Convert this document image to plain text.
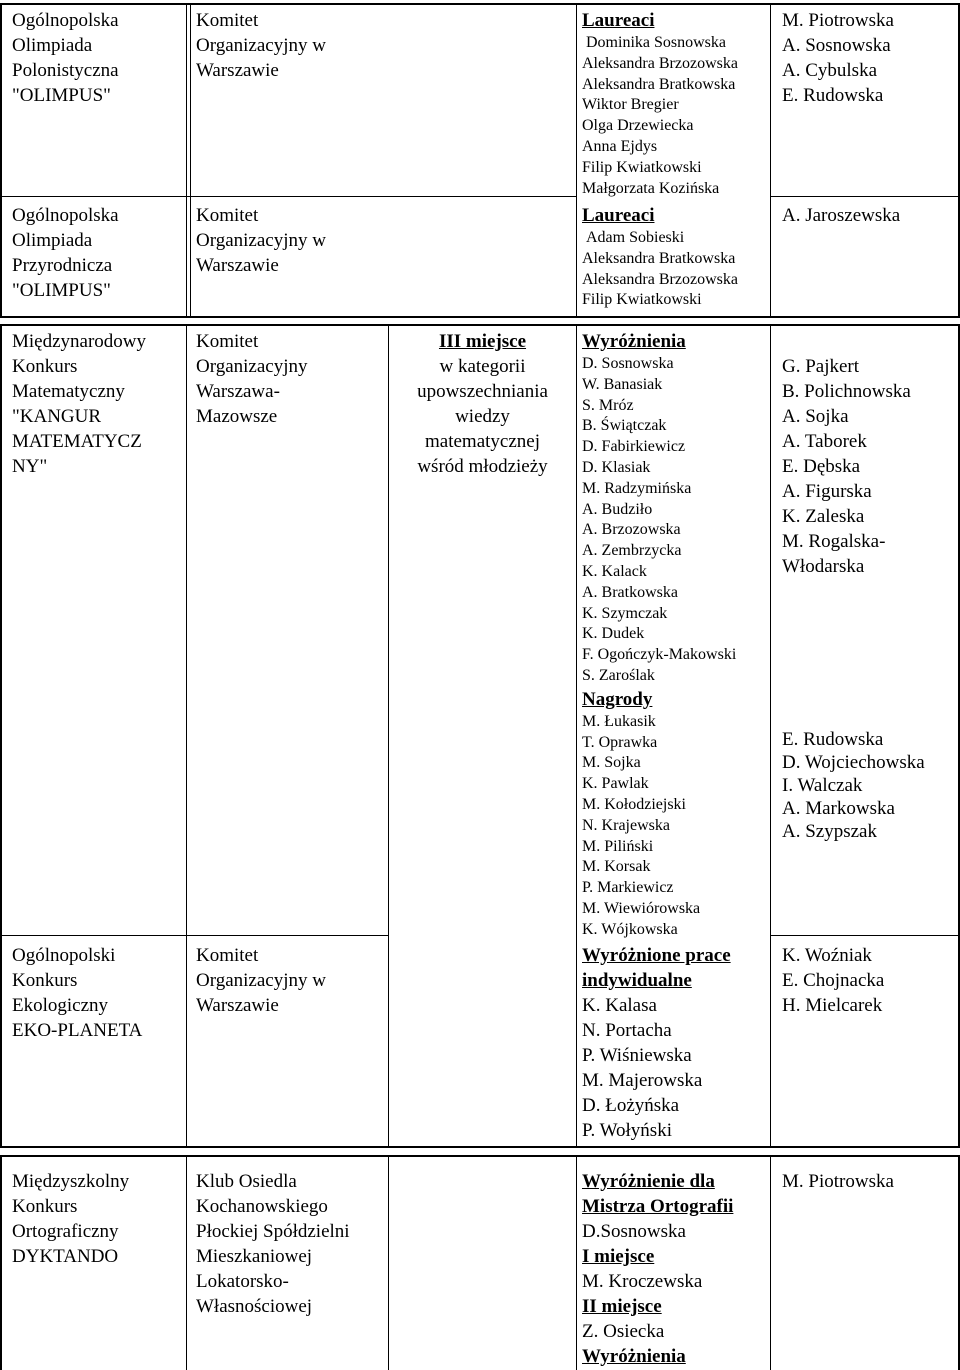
Ogólnopolska
Olimpiada
Polonistyczna
"OLIMPUS"
Komitet
Organizacyjny w
Warszawie
Laureaci
Dominika Sosnowska
Aleksandra Brzozowska
Aleksandra Bratkowska
Wiktor Bregier
Olga Drzewiecka
Anna Ejdys
Filip Kwiatkowski
Małgorzata Kozińska
M. Piotrowska
A. Sosnowska
A. Cybulska
E. Rudowska
Ogólnopolska
Olimpiada
Przyrodnicza
"OLIMPUS"
Komitet
Organizacyjny w
Warszawie
Laureaci
Adam Sobieski
Aleksandra Bratkowska
Aleksandra Brzozowska
Filip Kwiatkowski
A. Jaroszewska
Międzynarodowy
Konkurs
Matematyczny
"KANGUR
MATEMATYCZ
NY"
Komitet
Organizacyjny
Warszawa-
Mazowsze
III miejsce
w kategorii
upowszechniania
wiedzy
matematycznej
wśród młodzieży
Wyróżnienia
D. Sosnowska
W. Banasiak
S. Mróz
B. Świątczak
D. Fabirkiewicz
D. Klasiak
M. Radzymińska
A. Budziło
A. Brzozowska
A. Zembrzycka
K. Kalack
A. Bratkowska
K. Szymczak
K. Dudek
F. Ogończyk-Makowski
S. Zaroślak
Nagrody
M. Łukasik
T. Oprawka
M. Sojka
K. Pawlak
M. Kołodziejski
N. Krajewska
M. Piliński
M. Korsak
P. Markiewicz
M. Wiewiórowska
K. Wójkowska
G. Pajkert
B. Polichnowska
A. Sojka
A. Taborek
E. Dębska
A. Figurska
K. Zaleska
M. Rogalska-
Włodarska
E. Rudowska
D. Wojciechowska
I. Walczak
A. Markowska
A. Szypszak
Ogólnopolski
Konkurs
Ekologiczny
EKO-PLANETA
Komitet
Organizacyjny w
Warszawie
Wyróżnione prace
indywidualne
K. Kalasa
N. Portacha
P. Wiśniewska
M. Majerowska
D. Łożyńska
P. Wołyński
K. Woźniak
E. Chojnacka
H. Mielcarek
Międzyszkolny
Konkurs
Ortograficzny
DYKTANDO
Klub Osiedla
Kochanowskiego
Płockiej Spółdzielni
Mieszkaniowej
Lokatorsko-
Własnościowej
Wyróżnienie dla
Mistrza Ortografii
D.Sosnowska
I miejsce
M. Kroczewska
II miejsce
Z. Osiecka
Wyróżnienia
M. Piotrowska
